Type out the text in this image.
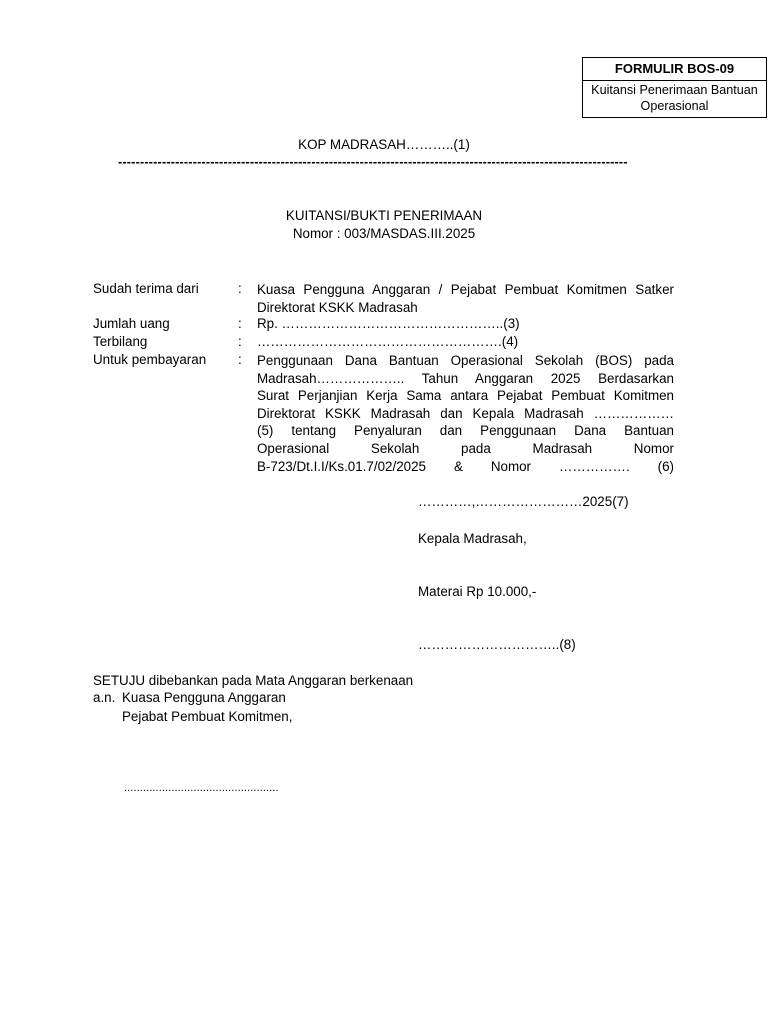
FORMULIR BOS-09
Kuitansi Penerimaan Bantuan
Operasional
KOP MADRASAH………..(1)
--------------------------------------------------------------------------------------------------------------------
KUITANSI/BUKTI PENERIMAAN
Nomor : 003/MASDAS.III.2025
Sudah terima dari	: Kuasa Pengguna Anggaran / Pejabat Pembuat Komitmen Satker
Direktorat KSKK Madrasah
Jumlah uang	: Rp. …………………………………………..(3)
Terbilang	: ……………………………………………….(4)
Untuk pembayaran : Penggunaan Dana Bantuan Operasional Sekolah (BOS) pada
Madrasah……………….. Tahun Anggaran 2025 Berdasarkan
Surat Perjanjian Kerja Sama antara Pejabat Pembuat Komitmen
Direktorat KSKK Madrasah dan Kepala Madrasah ………………
(5) tentang Penyaluran dan Penggunaan Dana Bantuan
Operasional Sekolah pada Madrasah Nomor
B-723/Dt.I.I/Ks.01.7/02/2025 & Nomor ……………. (6)
…………,……………………2025(7)
Kepala Madrasah,
Materai Rp 10.000,-
…………………………..(8)
SETUJU dibebankan pada Mata Anggaran berkenaan
a.n. Kuasa Pengguna Anggaran
Pejabat Pembuat Komitmen,
.................................................
